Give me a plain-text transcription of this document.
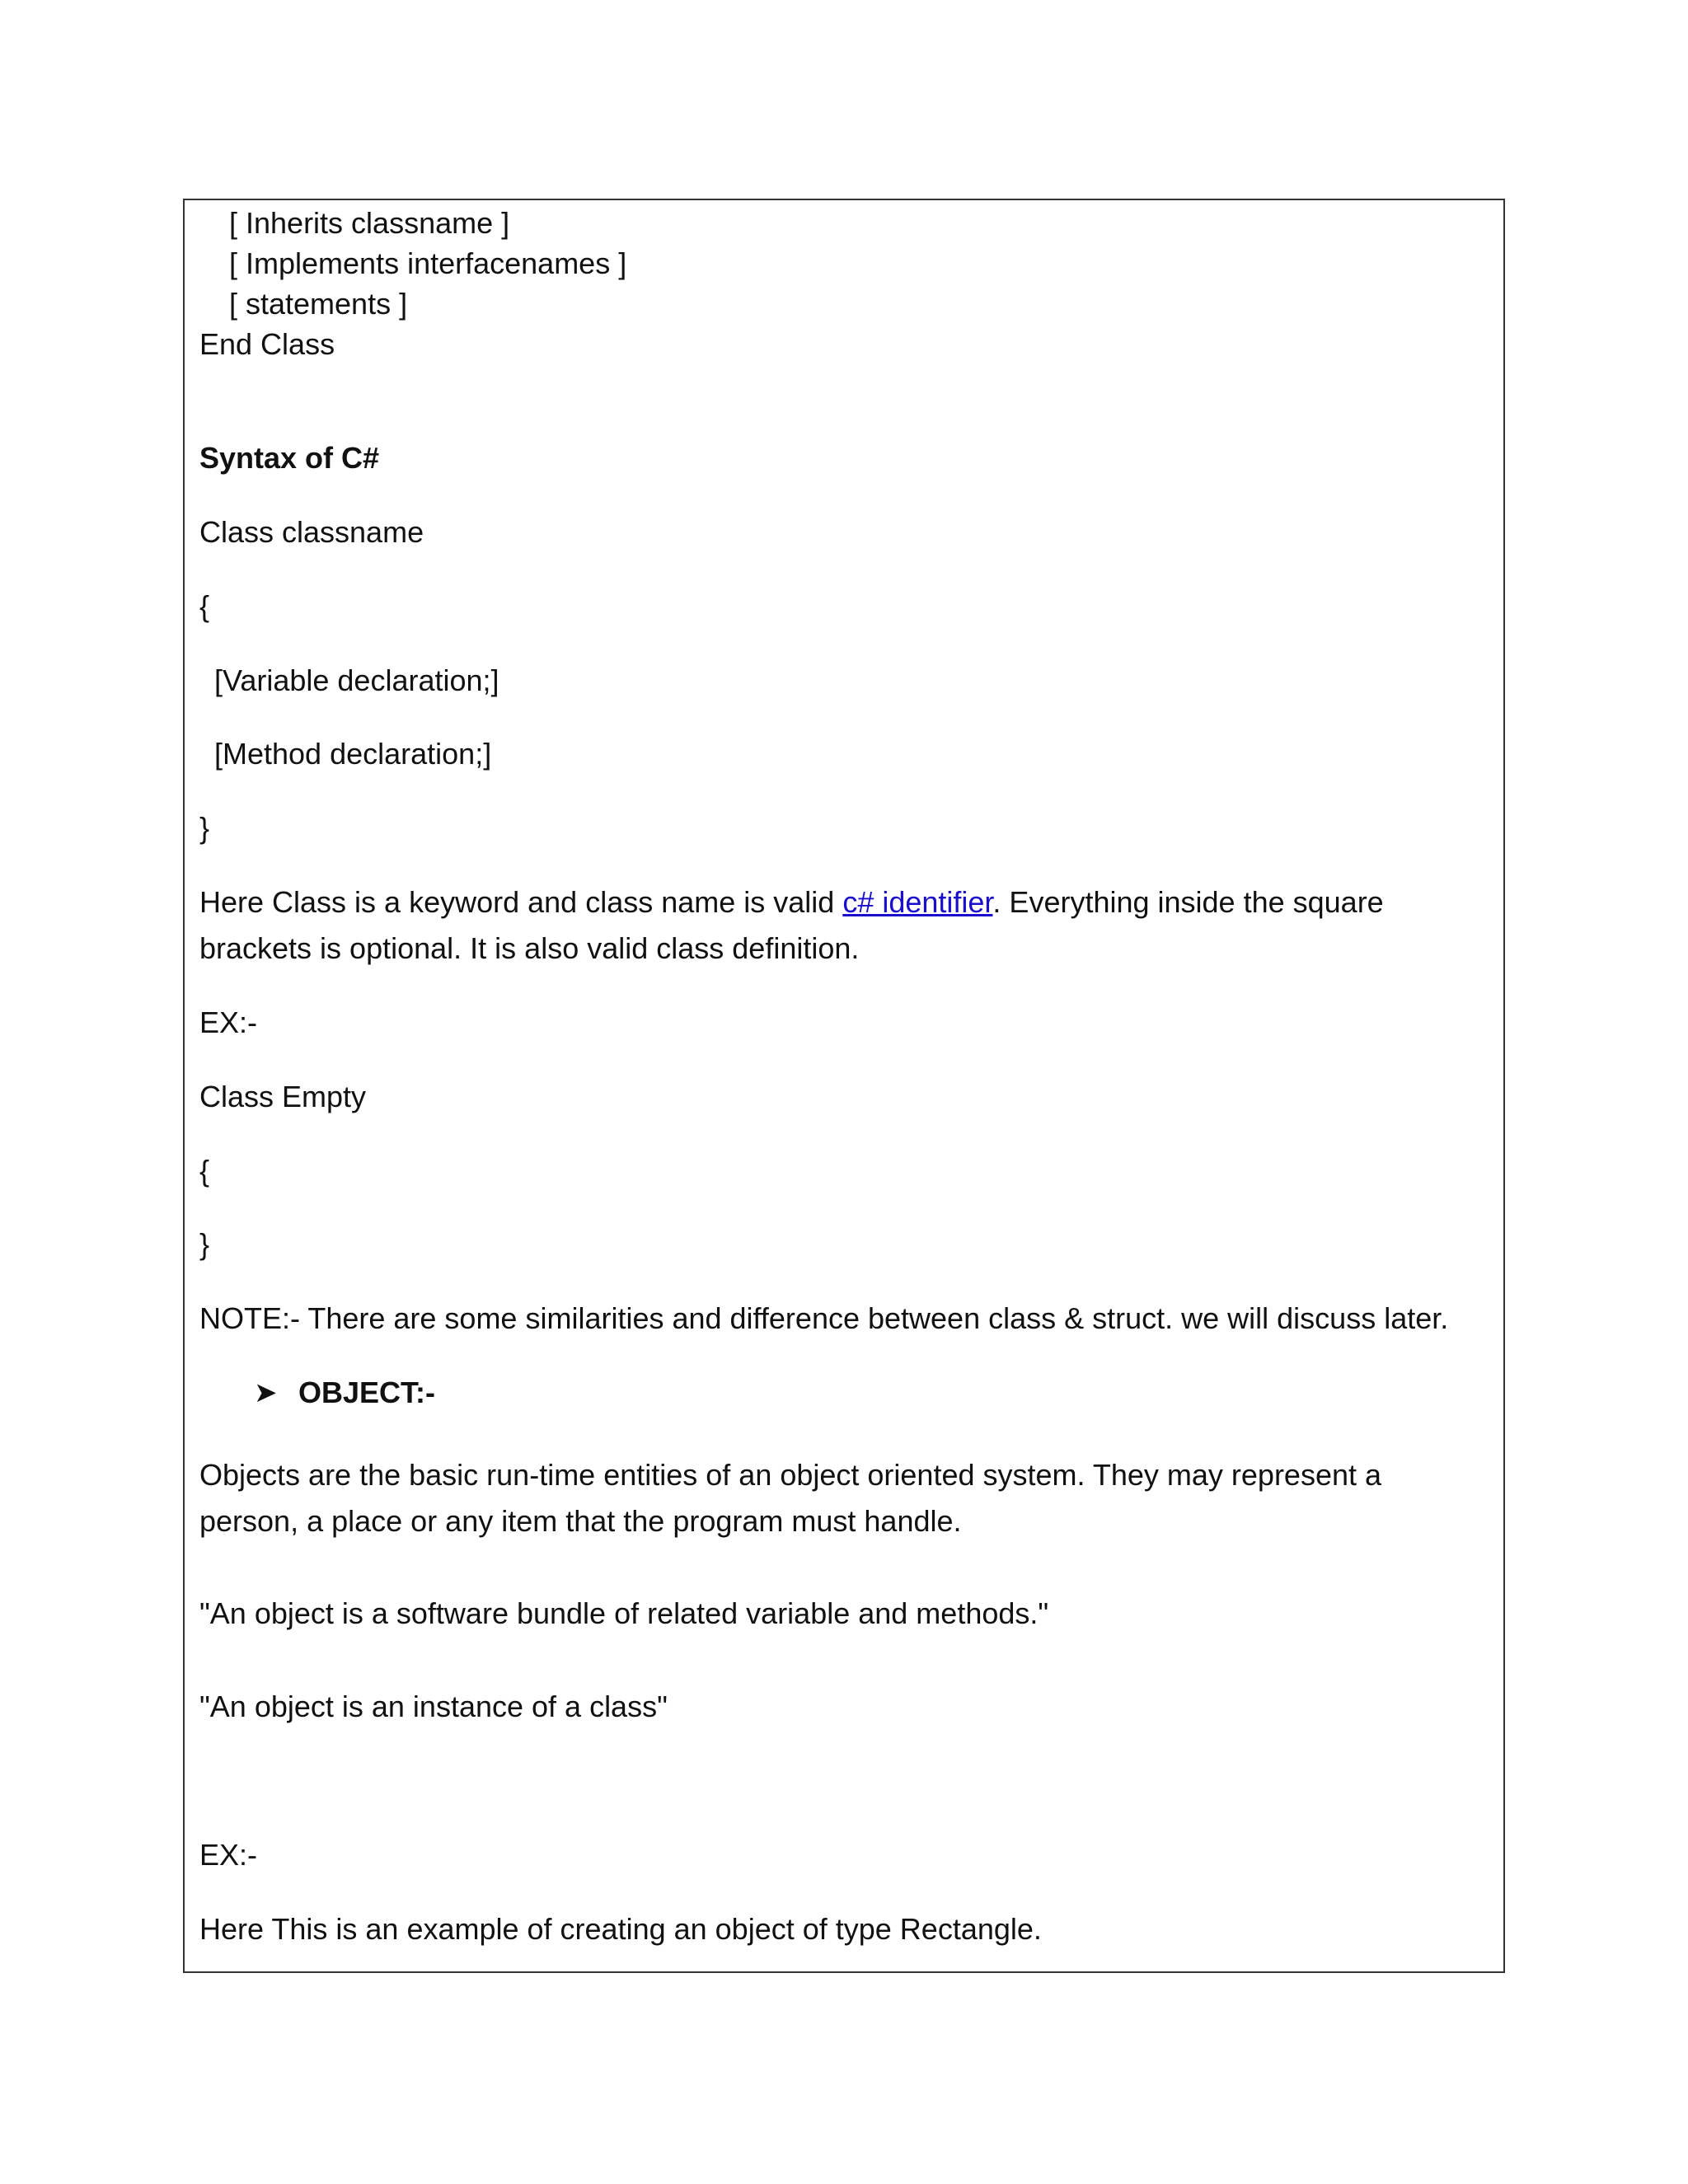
[ Inherits classname ]
[ Implements interfacenames ]
[ statements ]
End Class
Syntax of C#
Class classname
{
[Variable declaration;]
[Method declaration;]
}
Here Class is a keyword and class name is valid c# identifier. Everything inside the square
brackets is optional. It is also valid class definition.
EX:-
Class Empty
{
}
NOTE:- There are some similarities and difference between class & struct. we will discuss later.
➤ OBJECT:-
Objects are the basic run-time entities of an object oriented system. They may represent a
person, a place or any item that the program must handle.
"An object is a software bundle of related variable and methods."
"An object is an instance of a class"
EX:-
Here This is an example of creating an object of type Rectangle.
